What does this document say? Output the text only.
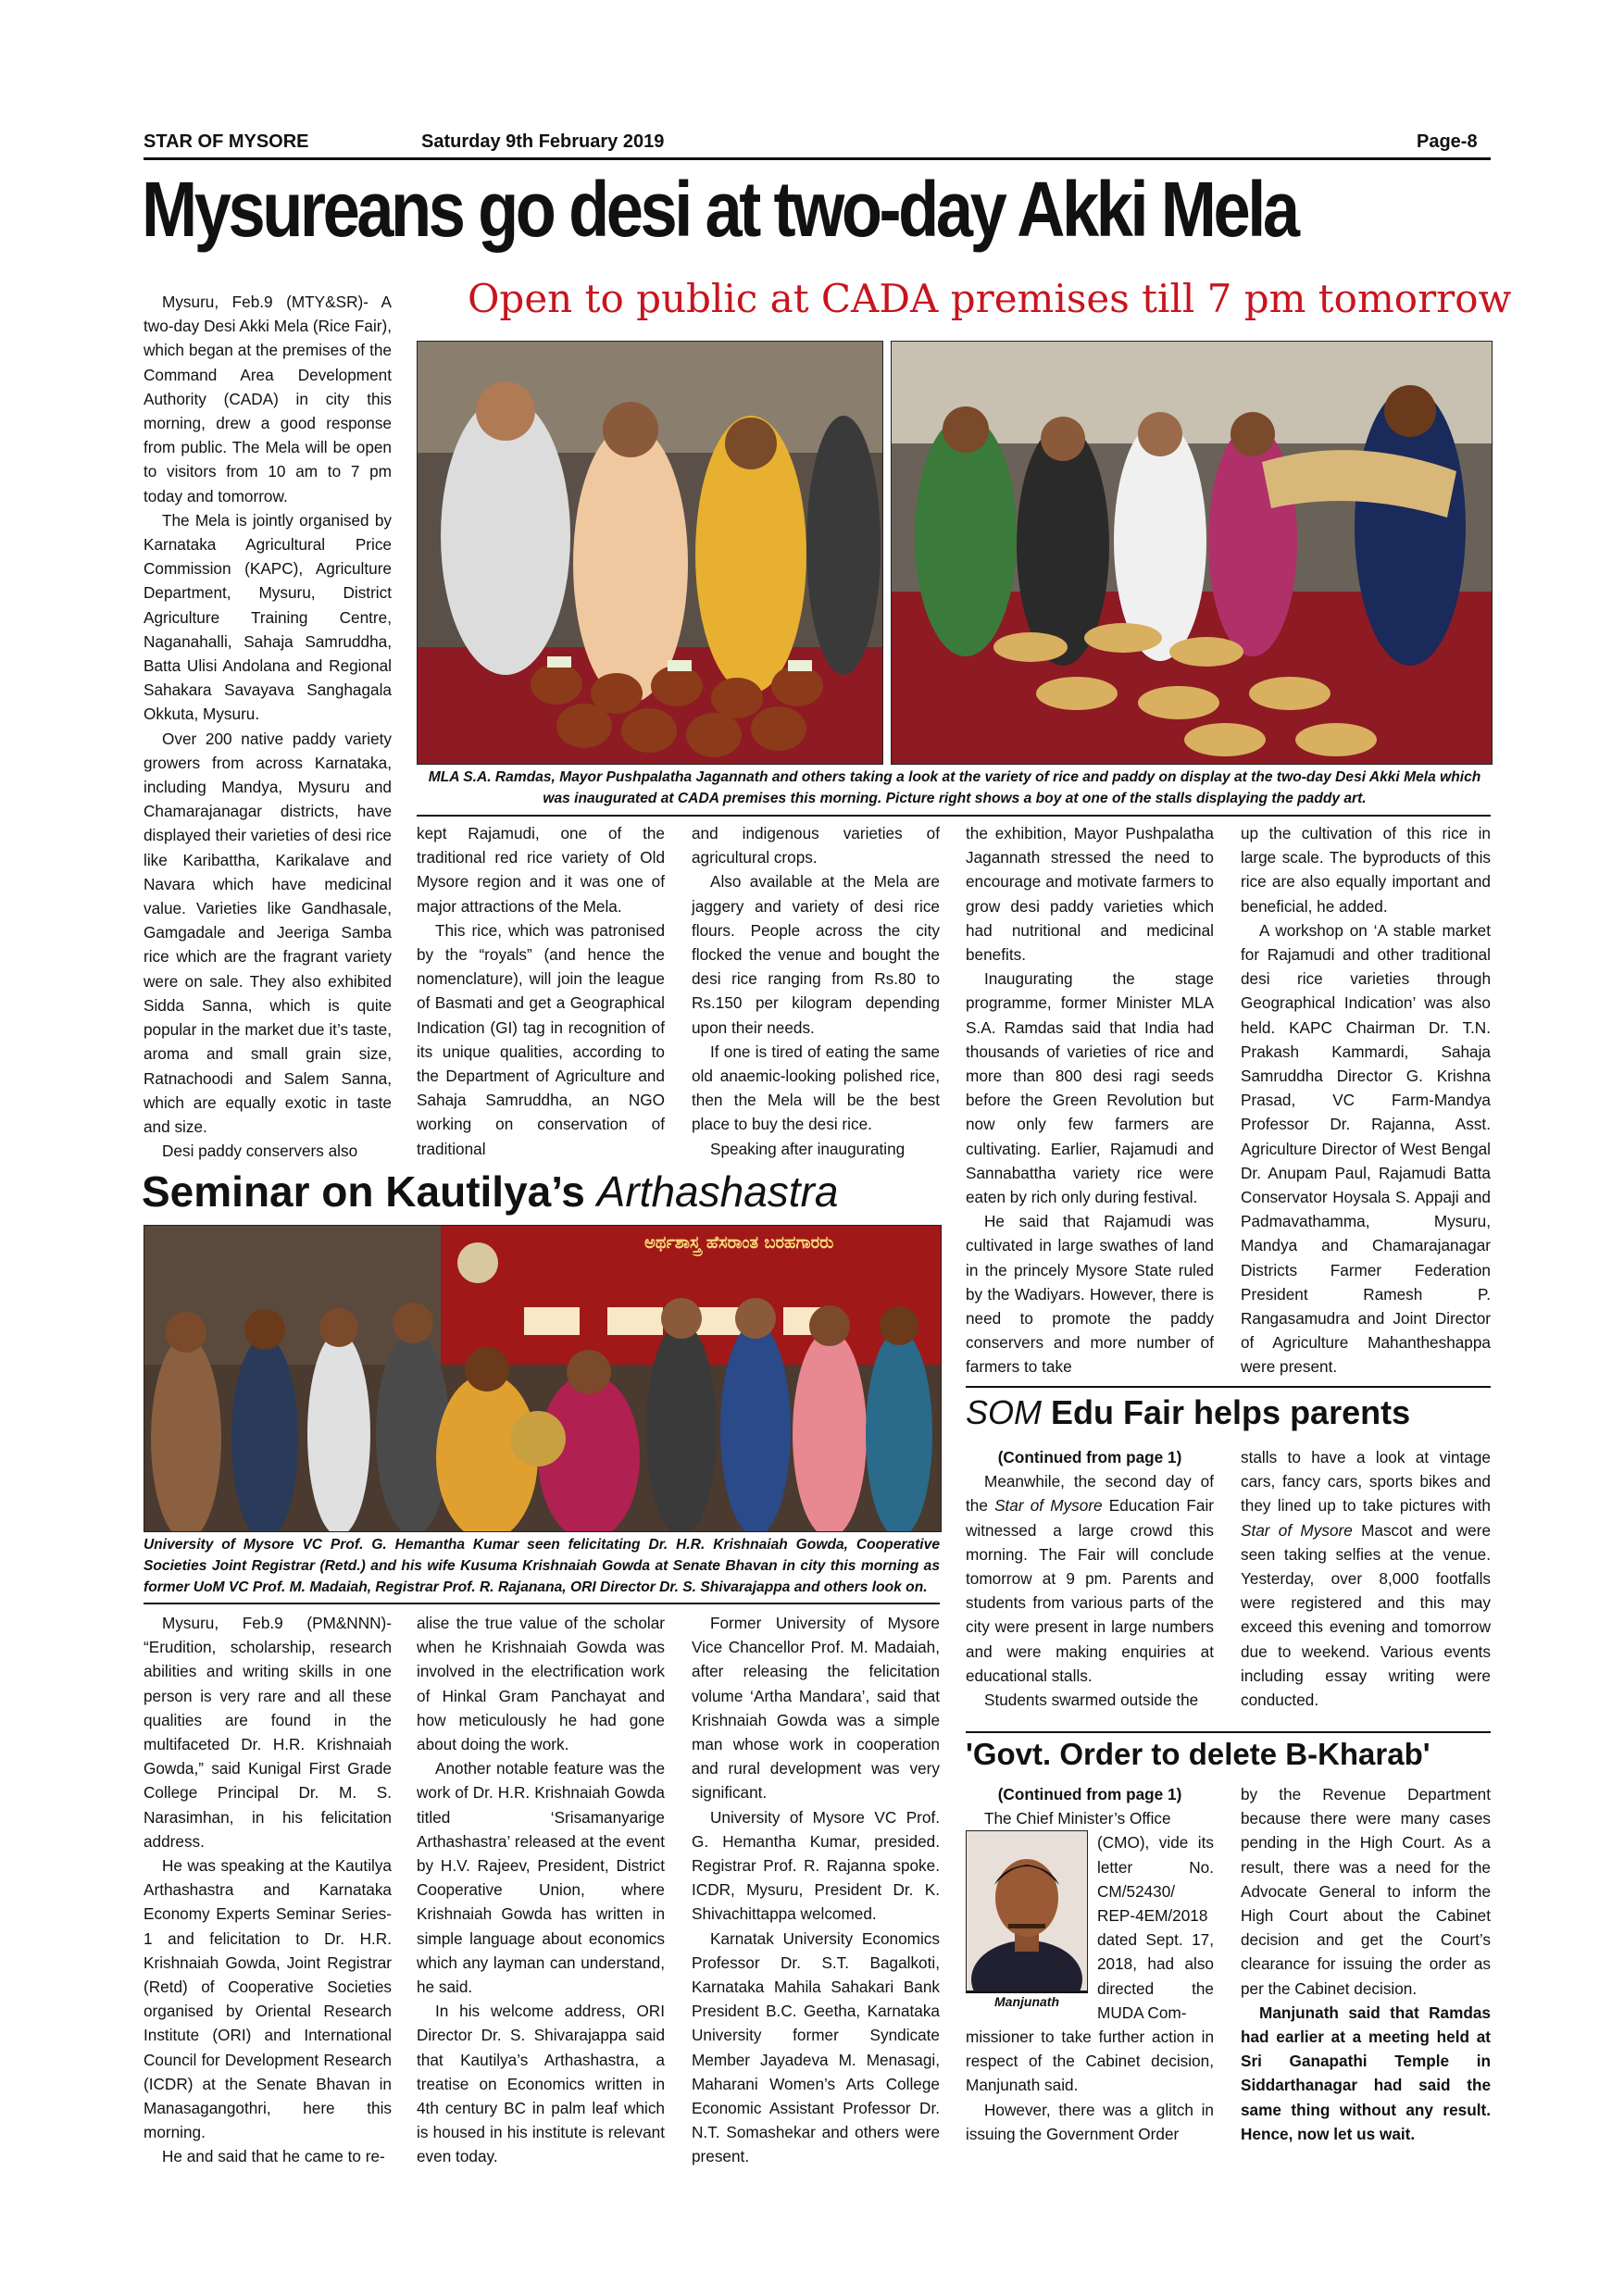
STAR OF MYSORE	Saturday 9th February 2019	Page-8
Mysureans go desi at two-day Akki Mela
Open to public at CADA premises till 7 pm tomorrow

Mysuru, Feb.9 (MTY&SR)- A two-day Desi Akki Mela (Rice Fair), which began at the premises of the Command Area Development Authority (CADA) in city this morning, drew a good response from public. The Mela will be open to visitors from 10 am to 7 pm today and tomorrow.

The Mela is jointly organised by Karnataka Agricultural Price Commission (KAPC), Agriculture Department, Mysuru, District Agriculture Training Centre, Naganahalli, Sahaja Samruddha, Batta Ulisi Andolana and Regional Sahakara Savayava Sanghagala Okkuta, Mysuru.

Over 200 native paddy variety growers from across Karnataka, including Mandya, Mysuru and Chamarajanagar districts, have displayed their varieties of desi rice like Karibattha, Karikalave and Navara which have medicinal value. Varieties like Gandhasale, Gamgadale and Jeeriga Samba rice which are the fragrant variety were on sale. They also exhibited Sidda Sanna, which is quite popular in the market due it’s taste, aroma and small grain size, Ratnachoodi and Salem Sanna, which are equally exotic in taste and size.

Desi paddy conservers also

MLA S.A. Ramdas, Mayor Pushpalatha Jagannath and others taking a look at the variety of rice and paddy on display at the two-day Desi Akki Mela which was inaugurated at CADA premises this morning. Picture right shows a boy at one of the stalls displaying the paddy art.

kept Rajamudi, one of the traditional red rice variety of Old Mysore region and it was one of major attractions of the Mela.

This rice, which was patronised by the “royals” (and hence the nomenclature), will join the league of Basmati and get a Geographical Indication (GI) tag in recognition of its unique qualities, according to the Department of Agriculture and Sahaja Samruddha, an NGO working on conservation of traditional

and indigenous varieties of agricultural crops.

Also available at the Mela are jaggery and variety of desi rice flours. People across the city flocked the venue and bought the desi rice ranging from Rs.80 to Rs.150 per kilogram depending upon their needs.

If one is tired of eating the same old anaemic-looking polished rice, then the Mela will be the best place to buy the desi rice.

Speaking after inaugurating

the exhibition, Mayor Pushpalatha Jagannath stressed the need to encourage and motivate farmers to grow desi paddy varieties which had nutritional and medicinal benefits.

Inaugurating the stage programme, former Minister MLA S.A. Ramdas said that India had thousands of varieties of rice and more than 800 desi ragi seeds before the Green Revolution but now only few farmers are cultivating. Earlier, Rajamudi and Sannabattha variety rice were eaten by rich only during festival.

He said that Rajamudi was cultivated in large swathes of land in the princely Mysore State ruled by the Wadiyars. However, there is need to promote the paddy conservers and more number of farmers to take

up the cultivation of this rice in large scale. The byproducts of this rice are also equally important and beneficial, he added.

A workshop on ‘A stable market for Rajamudi and other traditional desi rice varieties through Geographical Indication’ was also held. KAPC Chairman Dr. T.N. Prakash Kammardi, Sahaja Samruddha Director G. Krishna Prasad, VC Farm-Mandya Professor Dr. Rajanna, Asst. Agriculture Director of West Bengal Dr. Anupam Paul, Rajamudi Batta Conservator Hoysala S. Appaji and Padmavathamma, Mysuru, Mandya and Chamarajanagar Districts Farmer Federation President Ramesh P. Rangasamudra and Joint Director of Agriculture Mahantheshappa were present.

Seminar on Kautilya’s Arthashastra
ಅರ್ಥಶಾಸ್ತ್ರ ಹೆಸರಾಂತ ಬರಹಗಾರರು
University of Mysore VC Prof. G. Hemantha Kumar seen felicitating Dr. H.R. Krishnaiah Gowda, Cooperative Societies Joint Registrar (Retd.) and his wife Kusuma Krishnaiah Gowda at Senate Bhavan in city this morning as former UoM VC Prof. M. Madaiah, Registrar Prof. R. Rajanana, ORI Director Dr. S. Shivarajappa and others look on.

Mysuru, Feb.9 (PM&NNN)- “Erudition, scholarship, research abilities and writing skills in one person is very rare and all these qualities are found in the multifaceted Dr. H.R. Krishnaiah Gowda,” said Kunigal First Grade College Principal Dr. M. S. Narasimhan, in his felicitation address.

He was speaking at the Kautilya Arthashastra and Karnataka Economy Experts Seminar Series-1 and felicitation to Dr. H.R. Krishnaiah Gowda, Joint Registrar (Retd) of Cooperative Societies organised by Oriental Research Institute (ORI) and International Council for Development Research (ICDR) at the Senate Bhavan in Manasagangothri, here this morning.

He and said that he came to re-

alise the true value of the scholar when he Krishnaiah Gowda was involved in the electrification work of Hinkal Gram Panchayat and how meticulously he had gone about doing the work.

Another notable feature was the work of Dr. H.R. Krishnaiah Gowda titled ‘Srisamanyarige Arthashastra’ released at the event by H.V. Rajeev, President, District Cooperative Union, where Krishnaiah Gowda has written in simple language about economics which any layman can understand, he said.

In his welcome address, ORI Director Dr. S. Shivarajappa said that Kautilya’s Arthashastra, a treatise on Economics written in 4th century BC in palm leaf which is housed in his institute is relevant even today.

Former University of Mysore Vice Chancellor Prof. M. Madaiah, after releasing the felicitation volume ‘Artha Mandara’, said that Krishnaiah Gowda was a simple man whose work in cooperation and rural development was very significant.

University of Mysore VC Prof. G. Hemantha Kumar, presided. Registrar Prof. R. Rajanna spoke. ICDR, Mysuru, President Dr. K. Shivachittappa welcomed.

Karnatak University Economics Professor Dr. S.T. Bagalkoti, Karnataka Mahila Sahakari Bank President B.C. Geetha, Karnataka University former Syndicate Member Jayadeva M. Menasagi, Maharani Women’s Arts College Economic Assistant Professor Dr. N.T. Somashekar and others were present.

SOM Edu Fair helps parents

(Continued from page 1)

Meanwhile, the second day of the Star of Mysore Education Fair witnessed a large crowd this morning. The Fair will conclude tomorrow at 9 pm. Parents and students from various parts of the city were present in large numbers and were making enquiries at educational stalls.

Students swarmed outside the

stalls to have a look at vintage cars, fancy cars, sports bikes and they lined up to take pictures with Star of Mysore Mascot and were seen taking selfies at the venue. Yesterday, over 8,000 footfalls were registered and this may exceed this evening and tomorrow due to weekend. Various events including essay writing were conducted.

'Govt. Order to delete B-Kharab'

(Continued from page 1)

The Chief Minister’s Office

Manjunath
(CMO), vide its letter No. CM/52430/ REP-4EM/2018 dated Sept. 17, 2018, had also directed the MUDA Com-

missioner to take further action in respect of the Cabinet decision, Manjunath said.

However, there was a glitch in issuing the Government Order

by the Revenue Department because there were many cases pending in the High Court. As a result, there was a need for the Advocate General to inform the High Court about the Cabinet decision and get the Court’s clearance for issuing the order as per the Cabinet decision.

Manjunath said that Ramdas had earlier at a meeting held at Sri Ganapathi Temple in Siddarthanagar had said the same thing without any result. Hence, now let us wait.
